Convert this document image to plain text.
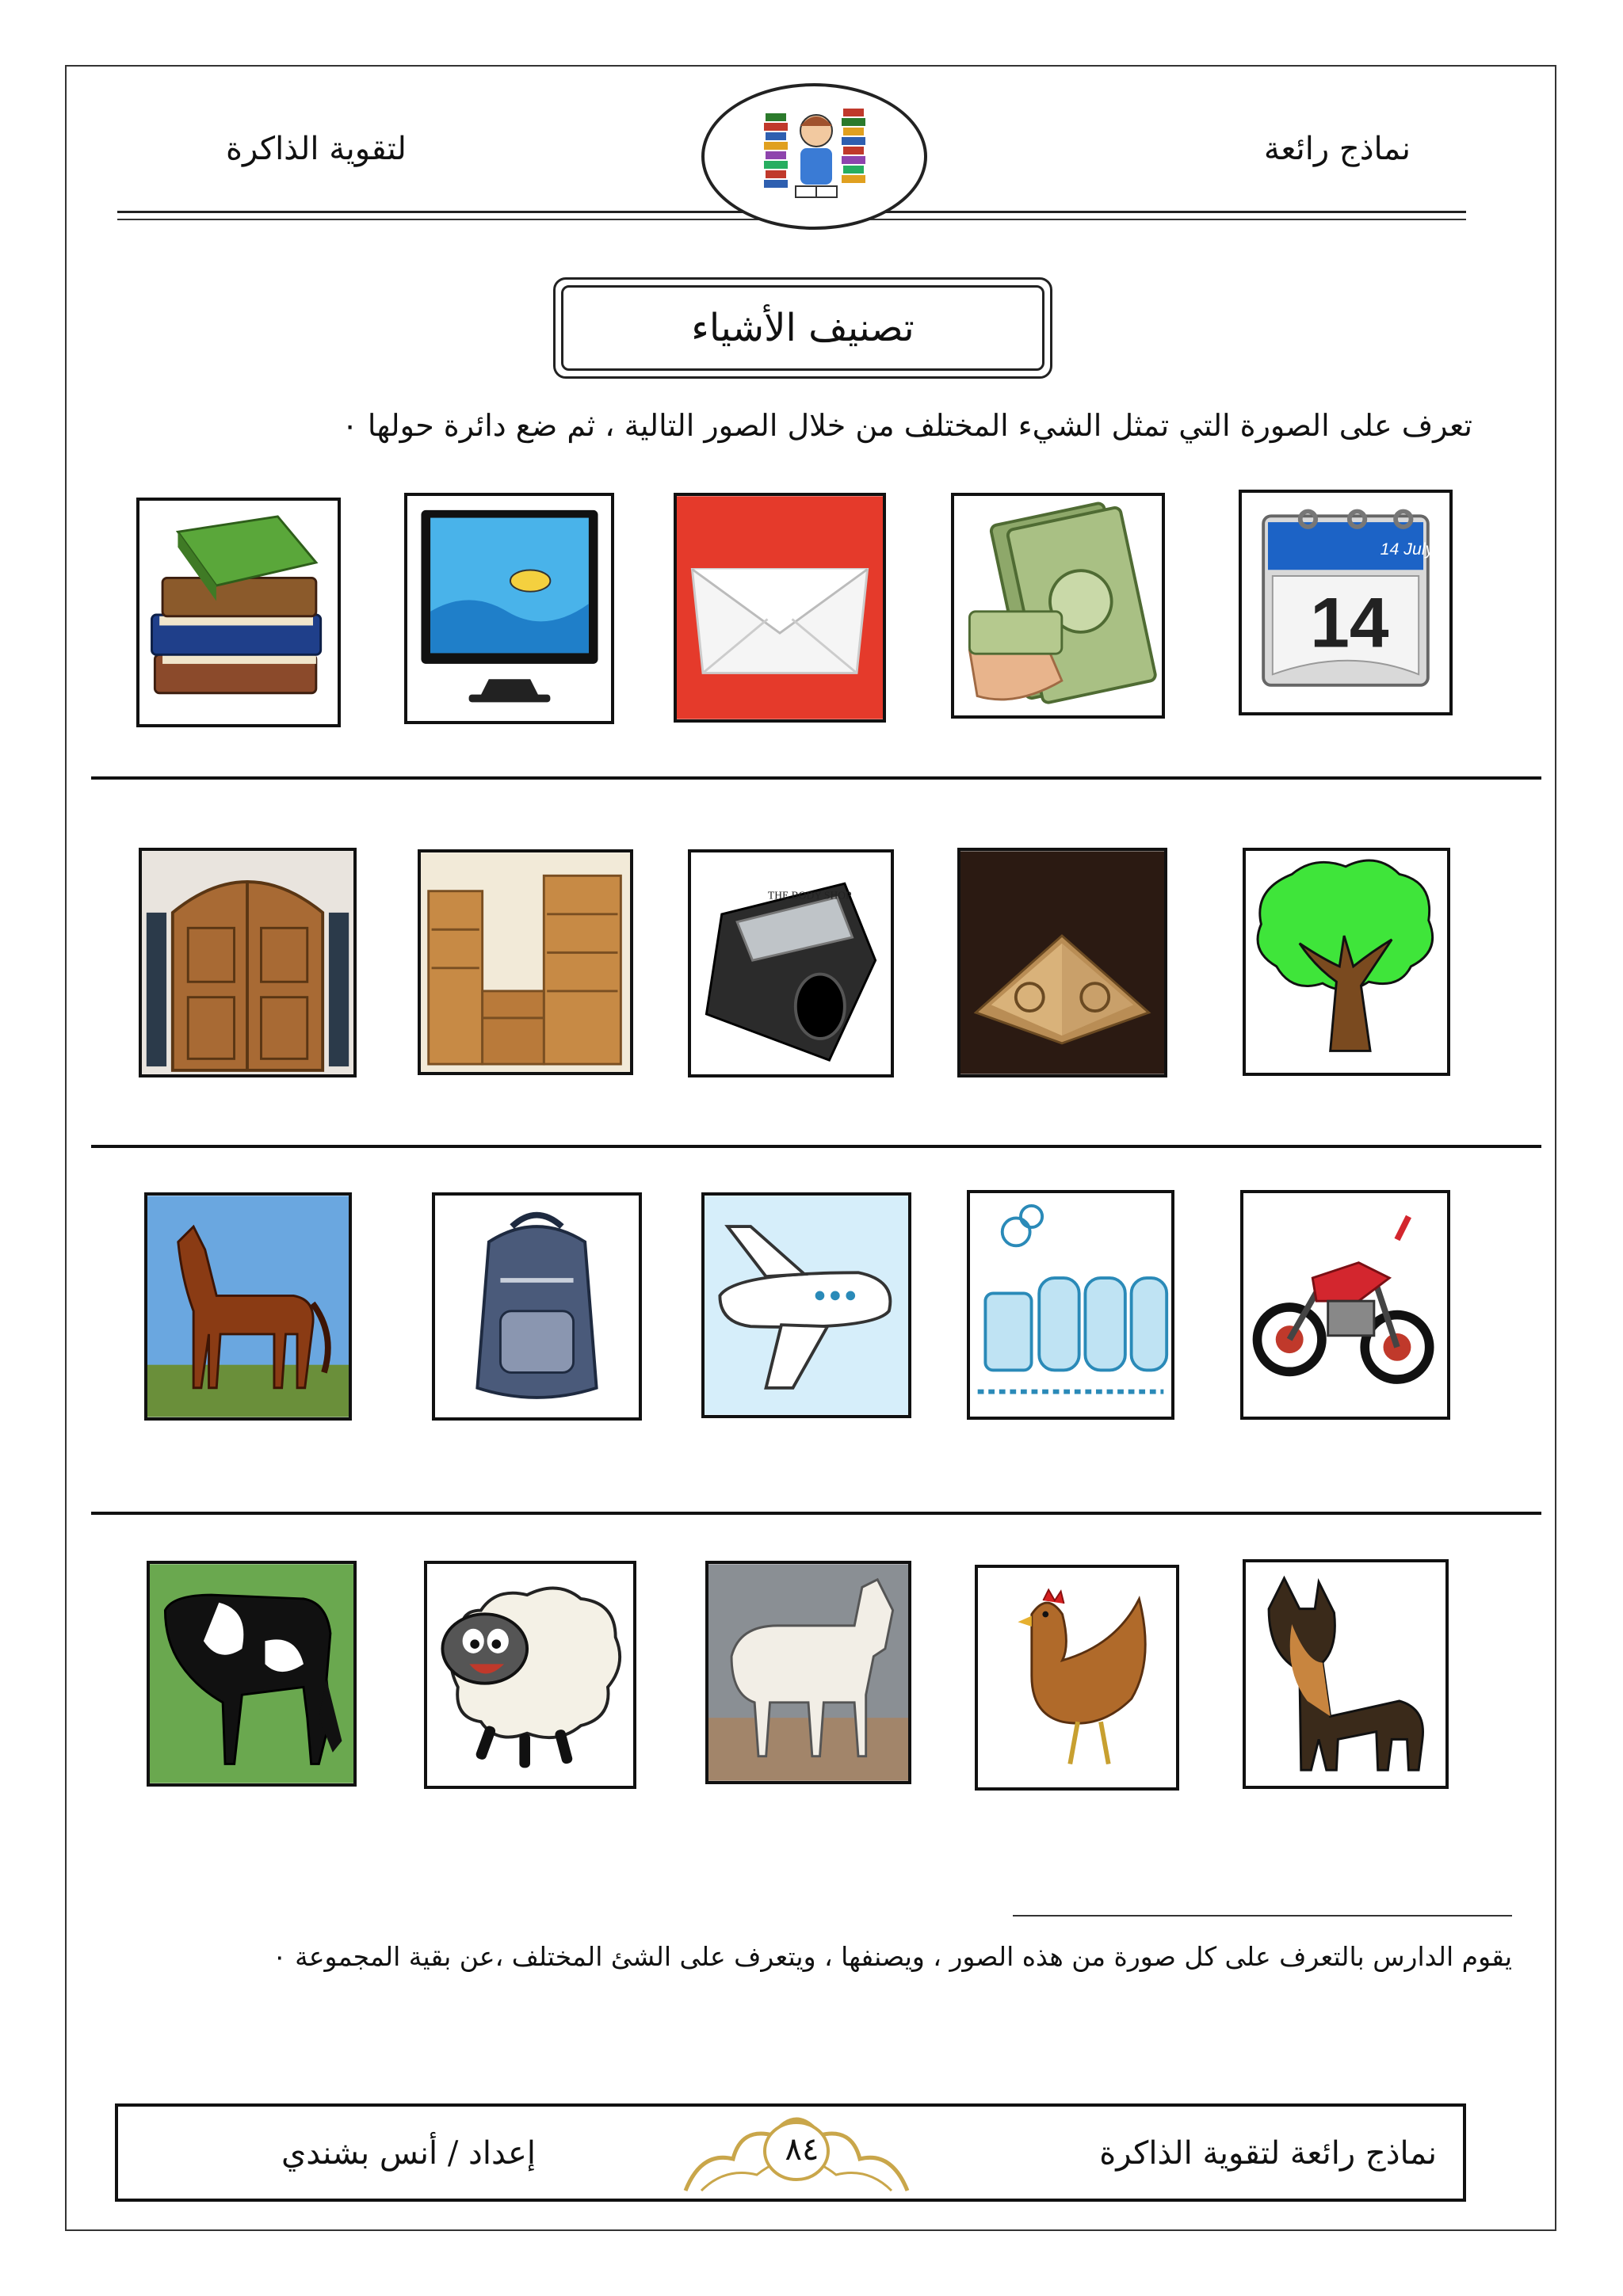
نماذج رائعة
لتقوية الذاكرة
تصنيف الأشياء
تعرف على الصورة التي تمثل الشيء المختلف من خلال الصور التالية ، ثم ضع دائرة حولها ٠
14
14 July
THE BODY SHOP
يقوم الدارس بالتعرف على كل صورة من هذه الصور ، ويصنفها ، ويتعرف على الشئ المختلف ،عن بقية المجموعة ٠
نماذج رائعة لتقوية الذاكرة
إعداد / أنس بشندي	٨٤
